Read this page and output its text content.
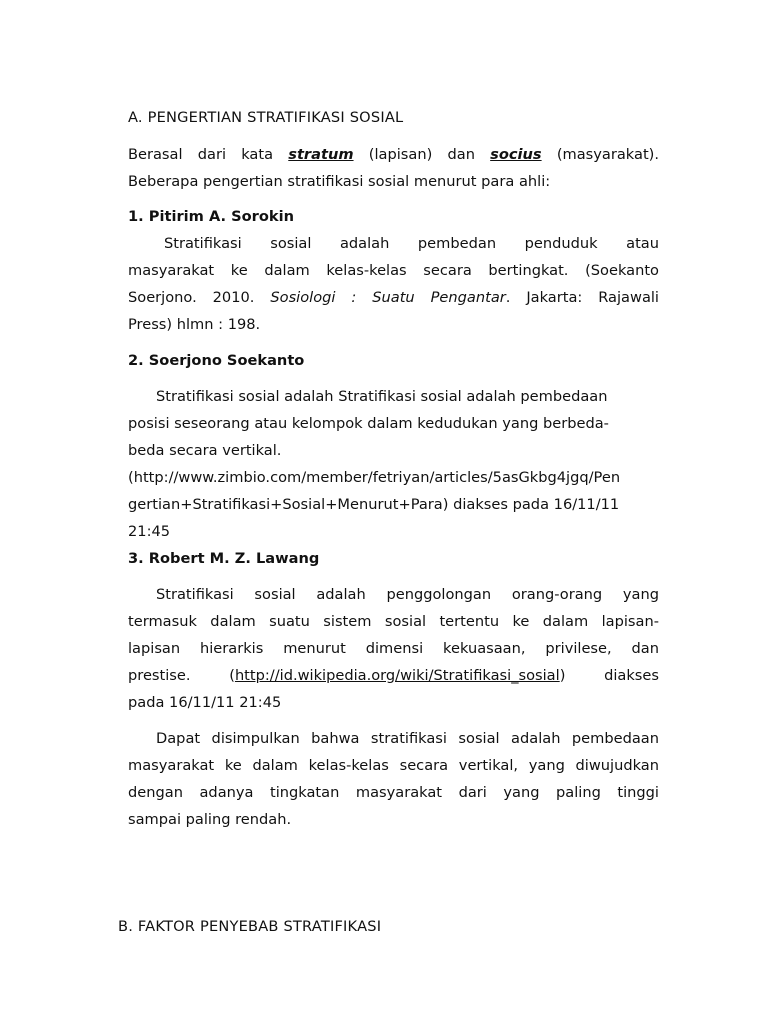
A. PENGERTIAN STRATIFIKASI SOSIAL
Berasal dari kata stratum (lapisan) dan socius (masyarakat).
Beberapa pengertian stratifikasi sosial menurut para ahli:
1. Pitirim A. Sorokin
Stratifikasi sosial adalah pembedan penduduk atau
masyarakat ke dalam kelas-kelas secara bertingkat. (Soekanto
Soerjono. 2010. Sosiologi : Suatu Pengantar. Jakarta: Rajawali
Press) hlmn : 198.
2. Soerjono Soekanto
Stratifikasi sosial adalah Stratifikasi sosial adalah pembedaan
posisi seseorang atau kelompok dalam kedudukan yang berbeda-
beda secara vertikal.
(http://www.zimbio.com/member/fetriyan/articles/5asGkbg4jgq/Pen
gertian+Stratifikasi+Sosial+Menurut+Para) diakses pada 16/11/11
21:45
3. Robert M. Z. Lawang
Stratifikasi sosial adalah penggolongan orang-orang yang
termasuk dalam suatu sistem sosial tertentu ke dalam lapisan-
lapisan hierarkis menurut dimensi kekuasaan, privilese, dan
prestise.	(http://id.wikipedia.org/wiki/Stratifikasi_sosial)	diakses
pada 16/11/11 21:45
Dapat disimpulkan bahwa stratifikasi sosial adalah pembedaan
masyarakat ke dalam kelas-kelas secara vertikal, yang diwujudkan
dengan adanya tingkatan masyarakat dari yang paling tinggi
sampai paling rendah.
B. FAKTOR PENYEBAB STRATIFIKASI
